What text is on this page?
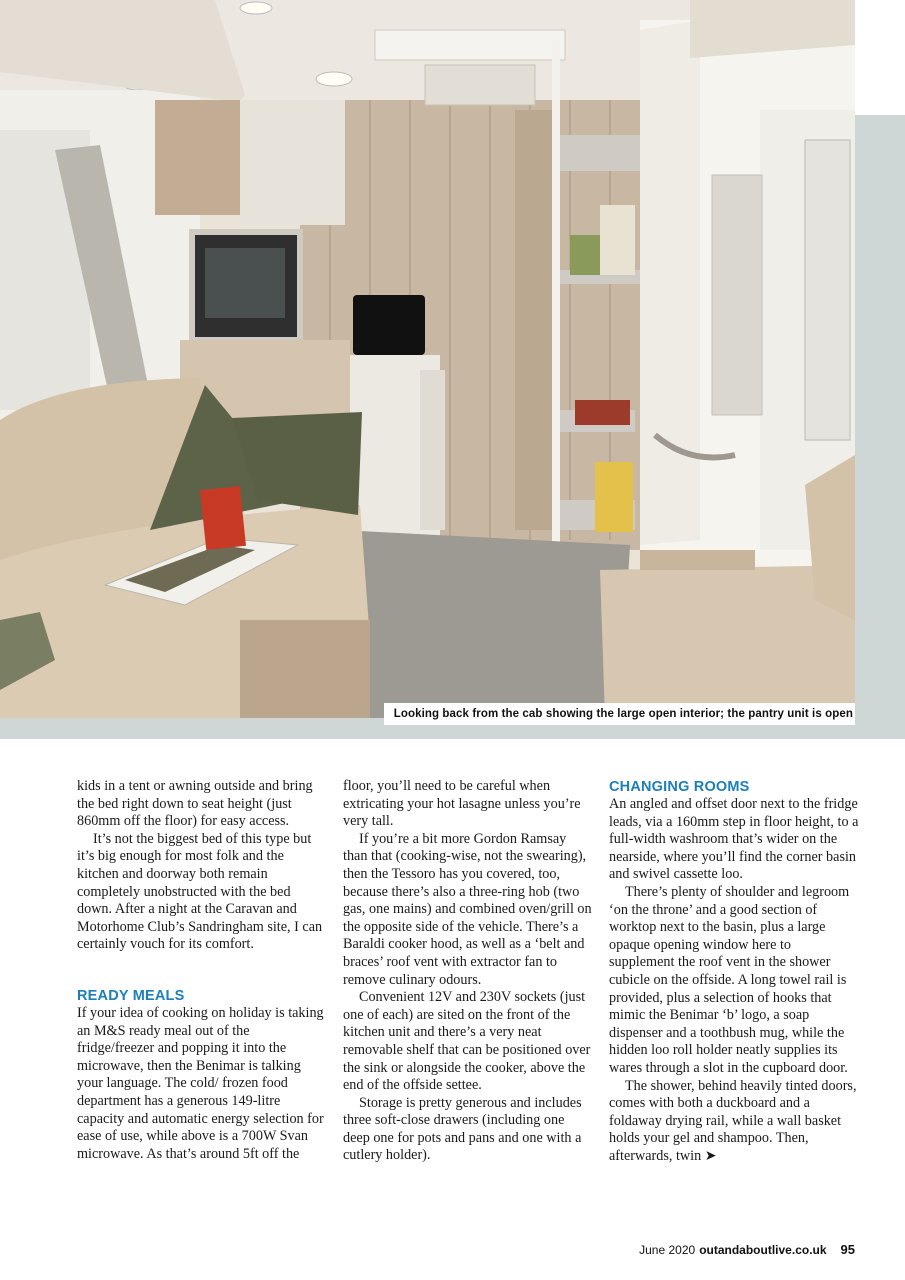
Looking back from the cab showing the large open interior; the pantry unit is open

kids in a tent or awning outside and bring the bed right down to seat height (just 860mm off the floor) for easy access.

It’s not the biggest bed of this type but it’s big enough for most folk and the kitchen and doorway both remain completely unobstructed with the bed down. After a night at the Caravan and Motorhome Club’s Sandringham site, I can certainly vouch for its comfort.

READY MEALS

If your idea of cooking on holiday is taking an M&S ready meal out of the fridge/freezer and popping it into the microwave, then the Benimar is talking your language. The cold/ frozen food department has a generous 149-litre capacity and automatic energy selection for ease of use, while above is a 700W Svan microwave. As that’s around 5ft off the

floor, you’ll need to be careful when extricating your hot lasagne unless you’re very tall.

If you’re a bit more Gordon Ramsay than that (cooking-wise, not the swearing), then the Tessoro has you covered, too, because there’s also a three-ring hob (two gas, one mains) and combined oven/grill on the opposite side of the vehicle. There’s a Baraldi cooker hood, as well as a ‘belt and braces’ roof vent with extractor fan to remove culinary odours.

Convenient 12V and 230V sockets (just one of each) are sited on the front of the kitchen unit and there’s a very neat removable shelf that can be positioned over the sink or alongside the cooker, above the end of the offside settee.

Storage is pretty generous and includes three soft-close drawers (including one deep one for pots and pans and one with a cutlery holder).

CHANGING ROOMS

An angled and offset door next to the fridge leads, via a 160mm step in floor height, to a full-width washroom that’s wider on the nearside, where you’ll find the corner basin and swivel cassette loo.

There’s plenty of shoulder and legroom ‘on the throne’ and a good section of worktop next to the basin, plus a large opaque opening window here to supplement the roof vent in the shower cubicle on the offside. A long towel rail is provided, plus a selection of hooks that mimic the Benimar ‘b’ logo, a soap dispenser and a toothbush mug, while the hidden loo roll holder neatly supplies its wares through a slot in the cupboard door.

The shower, behind heavily tinted doors, comes with both a duckboard and a foldaway drying rail, while a wall basket holds your gel and shampoo. Then, afterwards, twin ➤

June 2020 outandaboutlive.co.uk 95
